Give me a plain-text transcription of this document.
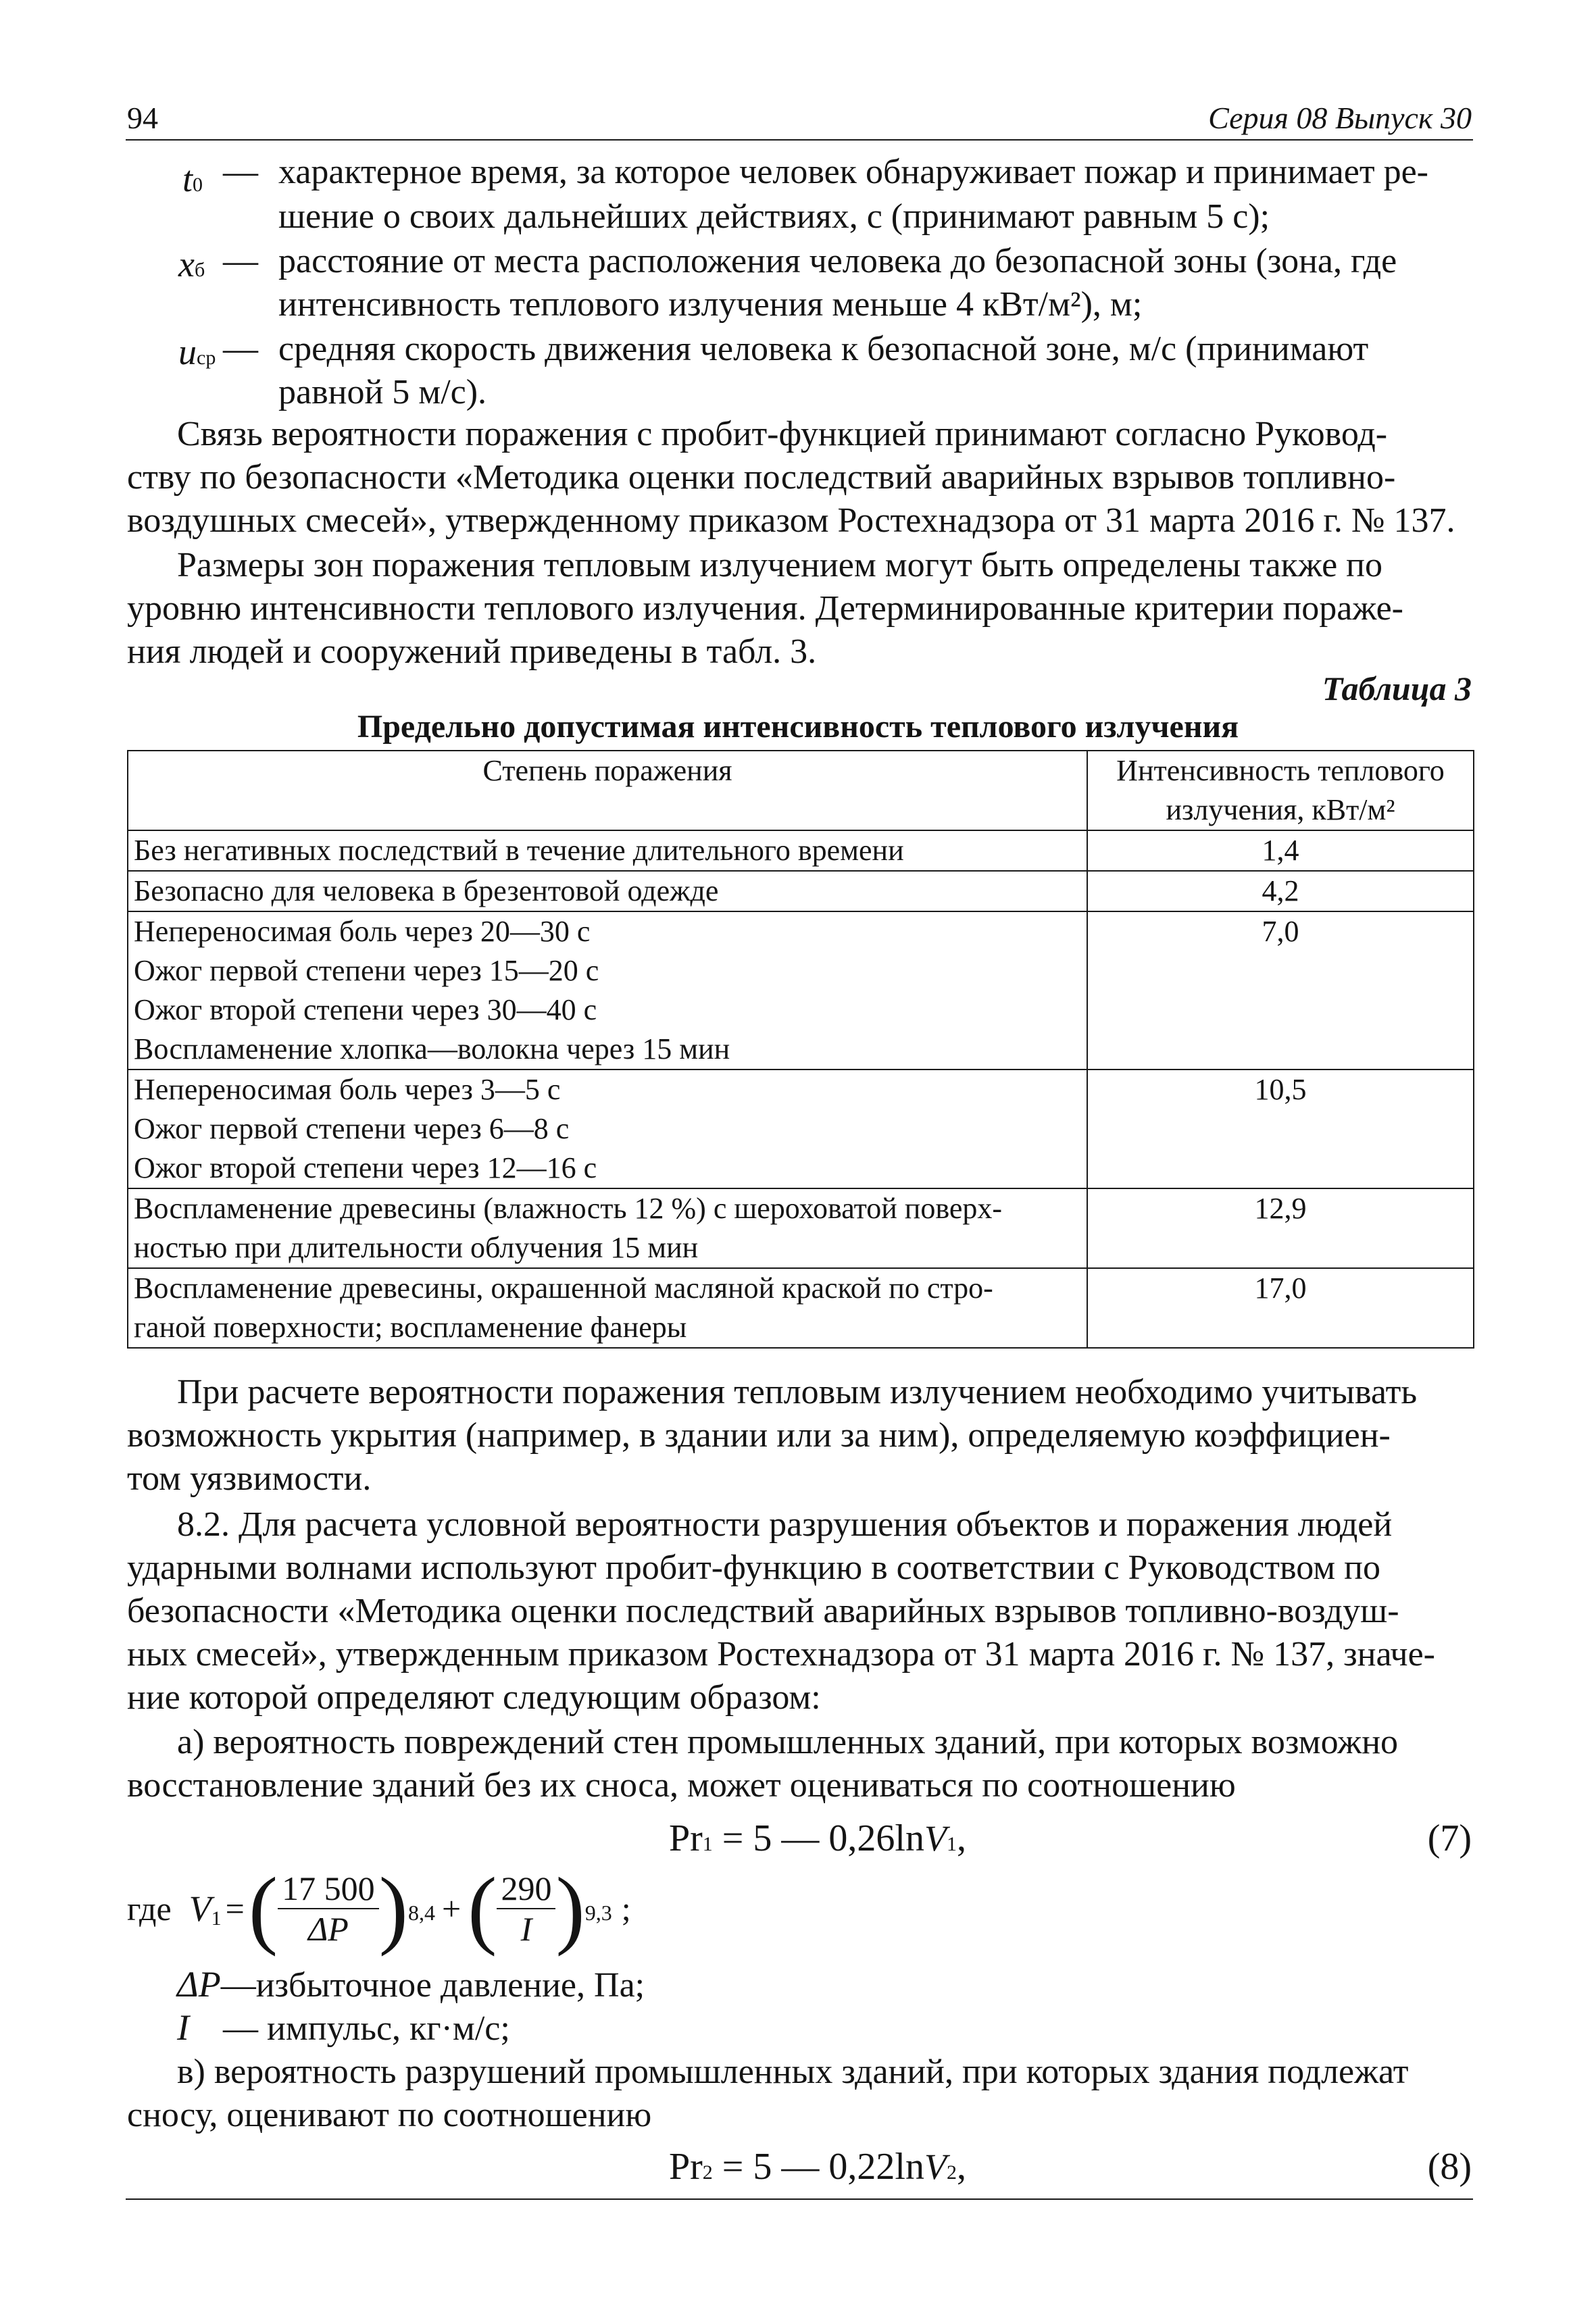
94	Серия 08 Выпуск 30
t0 — характерное время, за которое человек обнаруживает пожар и принимает ре-
шение о своих дальнейших действиях, с (принимают равным 5 с);
xб — расстояние от места расположения человека до безопасной зоны (зона, где
интенсивность теплового излучения меньше 4 кВт/м²), м;
uср — средняя скорость движения человека к безопасной зоне, м/с (принимают
равной 5 м/с).
Связь вероятности поражения с пробит-функцией принимают согласно Руковод-
ству по безопасности «Методика оценки последствий аварийных взрывов топливно-
воздушных смесей», утвержденному приказом Ростехнадзора от 31 марта 2016 г. № 137.
Размеры зон поражения тепловым излучением могут быть определены также по
уровню интенсивности теплового излучения. Детерминированные критерии пораже-
ния людей и сооружений приведены в табл. 3.
Таблица 3
Предельно допустимая интенсивность теплового излучения
Степень поражения	Интенсивность теплового
излучения, кВт/м²

Без негативных последствий в течение длительного времени	1,4

Безопасно для человека в брезентовой одежде	4,2

Непереносимая боль через 20—30 с
Ожог первой степени через 15—20 с
Ожог второй степени через 30—40 с
Воспламенение хлопка—волокна через 15 мин	7,0

Непереносимая боль через 3—5 с
Ожог первой степени через 6—8 с
Ожог второй степени через 12—16 с	10,5

Воспламенение древесины (влажность 12 %) с шероховатой поверх-
ностью при длительности облучения 15 мин	12,9

Воспламенение древесины, окрашенной масляной краской по стро-
ганой поверхности; воспламенение фанеры	17,0
При расчете вероятности поражения тепловым излучением необходимо учитывать
возможность укрытия (например, в здании или за ним), определяемую коэффициен-
том уязвимости.
8.2. Для расчета условной вероятности разрушения объектов и поражения людей
ударными волнами используют пробит-функцию в соответствии с Руководством по
безопасности «Методика оценки последствий аварийных взрывов топливно-воздуш-
ных смесей», утвержденным приказом Ростехнадзора от 31 марта 2016 г. № 137, значе-
ние которой определяют следующим образом:
а) вероятность повреждений стен промышленных зданий, при которых возможно
восстановление зданий без их сноса, может оцениваться по соотношению
Pr1 = 5 — 0,26lnV1,	(7)
где V 1 = ( $\frac{17 500}{\Delta P}$ ) 8,4 + ( $\frac{290}{I}$ ) 9,3 ;
ΔP—избыточное давление, Па;
I — импульс, кг·м/с;
в) вероятность разрушений промышленных зданий, при которых здания подлежат
сносу, оценивают по соотношению
Pr2 = 5 — 0,22lnV2,	(8)
